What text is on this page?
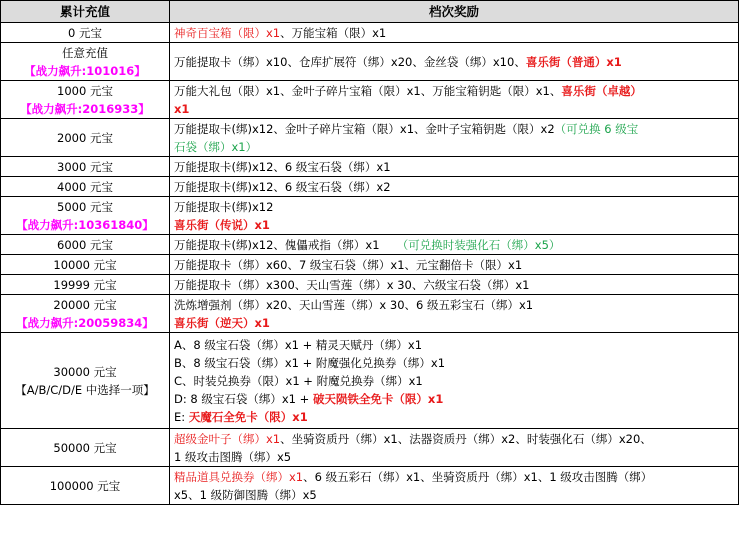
累计充值	档次奖励

0 元宝	神奇百宝箱（限）x1、万能宝箱（限）x1

任意充值
【战力飙升:101016】	万能提取卡（绑）x10、仓库扩展符（绑）x20、金丝袋（绑）x10、喜乐街（普通）x1

1000 元宝
【战力飙升:2016933】	万能大礼包（限）x1、金叶子碎片宝箱（限）x1、万能宝箱钥匙（限）x1、喜乐街（卓越）
x1

2000 元宝	万能提取卡(绑)x12、金叶子碎片宝箱（限）x1、金叶子宝箱钥匙（限）x2（可兑换 6 级宝
石袋（绑）x1）

3000 元宝	万能提取卡(绑)x12、6 级宝石袋（绑）x1

4000 元宝	万能提取卡(绑)x12、6 级宝石袋（绑）x2

5000 元宝
【战力飙升:10361840】	万能提取卡(绑)x12
喜乐街（传说）x1

6000 元宝	万能提取卡(绑)x12、傀儡戒指（绑）x1　　（可兑换时装强化石（绑）x5）

10000 元宝	万能提取卡（绑）x60、7 级宝石袋（绑）x1、元宝翻倍卡（限）x1

19999 元宝	万能提取卡（绑）x300、天山雪莲（绑）x 30、六级宝石袋（绑）x1

20000 元宝
【战力飙升:20059834】	洗炼增强剂（绑）x20、天山雪莲（绑）x 30、6 级五彩宝石（绑）x1
喜乐街（逆天）x1

30000 元宝
【A/B/C/D/E 中选择一项】	A、8 级宝石袋（绑）x1 + 精灵天赋丹（绑）x1
B、8 级宝石袋（绑）x1 + 附魔强化兑换券（绑）x1
C、时装兑换券（限）x1 + 附魔兑换券（绑）x1
D: 8 级宝石袋（绑）x1 + 破天陨铁全免卡（限）x1
E: 天魔石全免卡（限）x1

50000 元宝	超级金叶子（绑）x1、坐骑资质丹（绑）x1、法器资质丹（绑）x2、时装强化石（绑）x20、
1 级攻击图腾（绑）x5

100000 元宝	精品道具兑换券（绑）x1、6 级五彩石（绑）x1、坐骑资质丹（绑）x1、1 级攻击图腾（绑）
x5、1 级防御图腾（绑）x5
